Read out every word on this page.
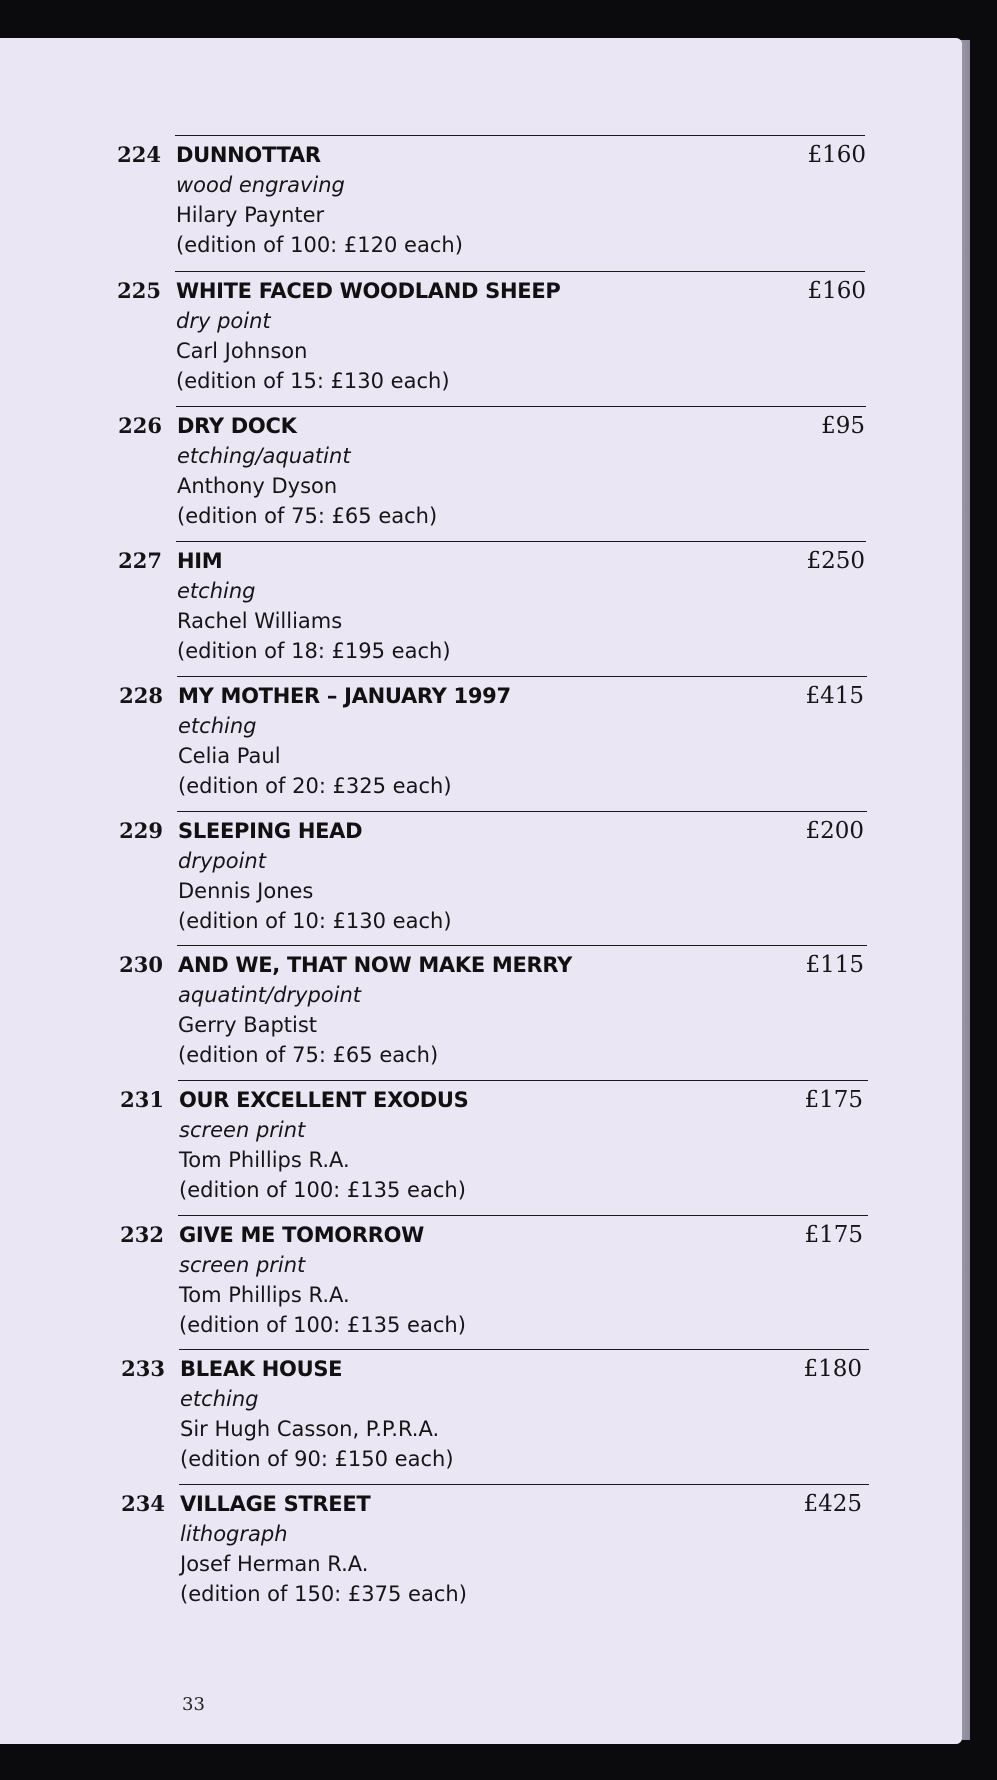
224 DUNNOTTAR
wood engraving
Hilary Paynter
(edition of 100: £120 each)
£160
225 WHITE FACED WOODLAND SHEEP
dry point
Carl Johnson
(edition of 15: £130 each)
£160
226 DRY DOCK
etching/aquatint
Anthony Dyson
(edition of 75: £65 each)
£95
227 HIM
etching
Rachel Williams
(edition of 18: £195 each)
£250
228 MY MOTHER – JANUARY 1997
etching
Celia Paul
(edition of 20: £325 each)
£415
229 SLEEPING HEAD
drypoint
Dennis Jones
(edition of 10: £130 each)
£200
230 AND WE, THAT NOW MAKE MERRY
aquatint/drypoint
Gerry Baptist
(edition of 75: £65 each)
£115
231 OUR EXCELLENT EXODUS
screen print
Tom Phillips R.A.
(edition of 100: £135 each)
£175
232 GIVE ME TOMORROW
screen print
Tom Phillips R.A.
(edition of 100: £135 each)
£175
233 BLEAK HOUSE
etching
Sir Hugh Casson, P.P.R.A.
(edition of 90: £150 each)
£180
234 VILLAGE STREET
lithograph
Josef Herman R.A.
(edition of 150: £375 each)
£425
33
